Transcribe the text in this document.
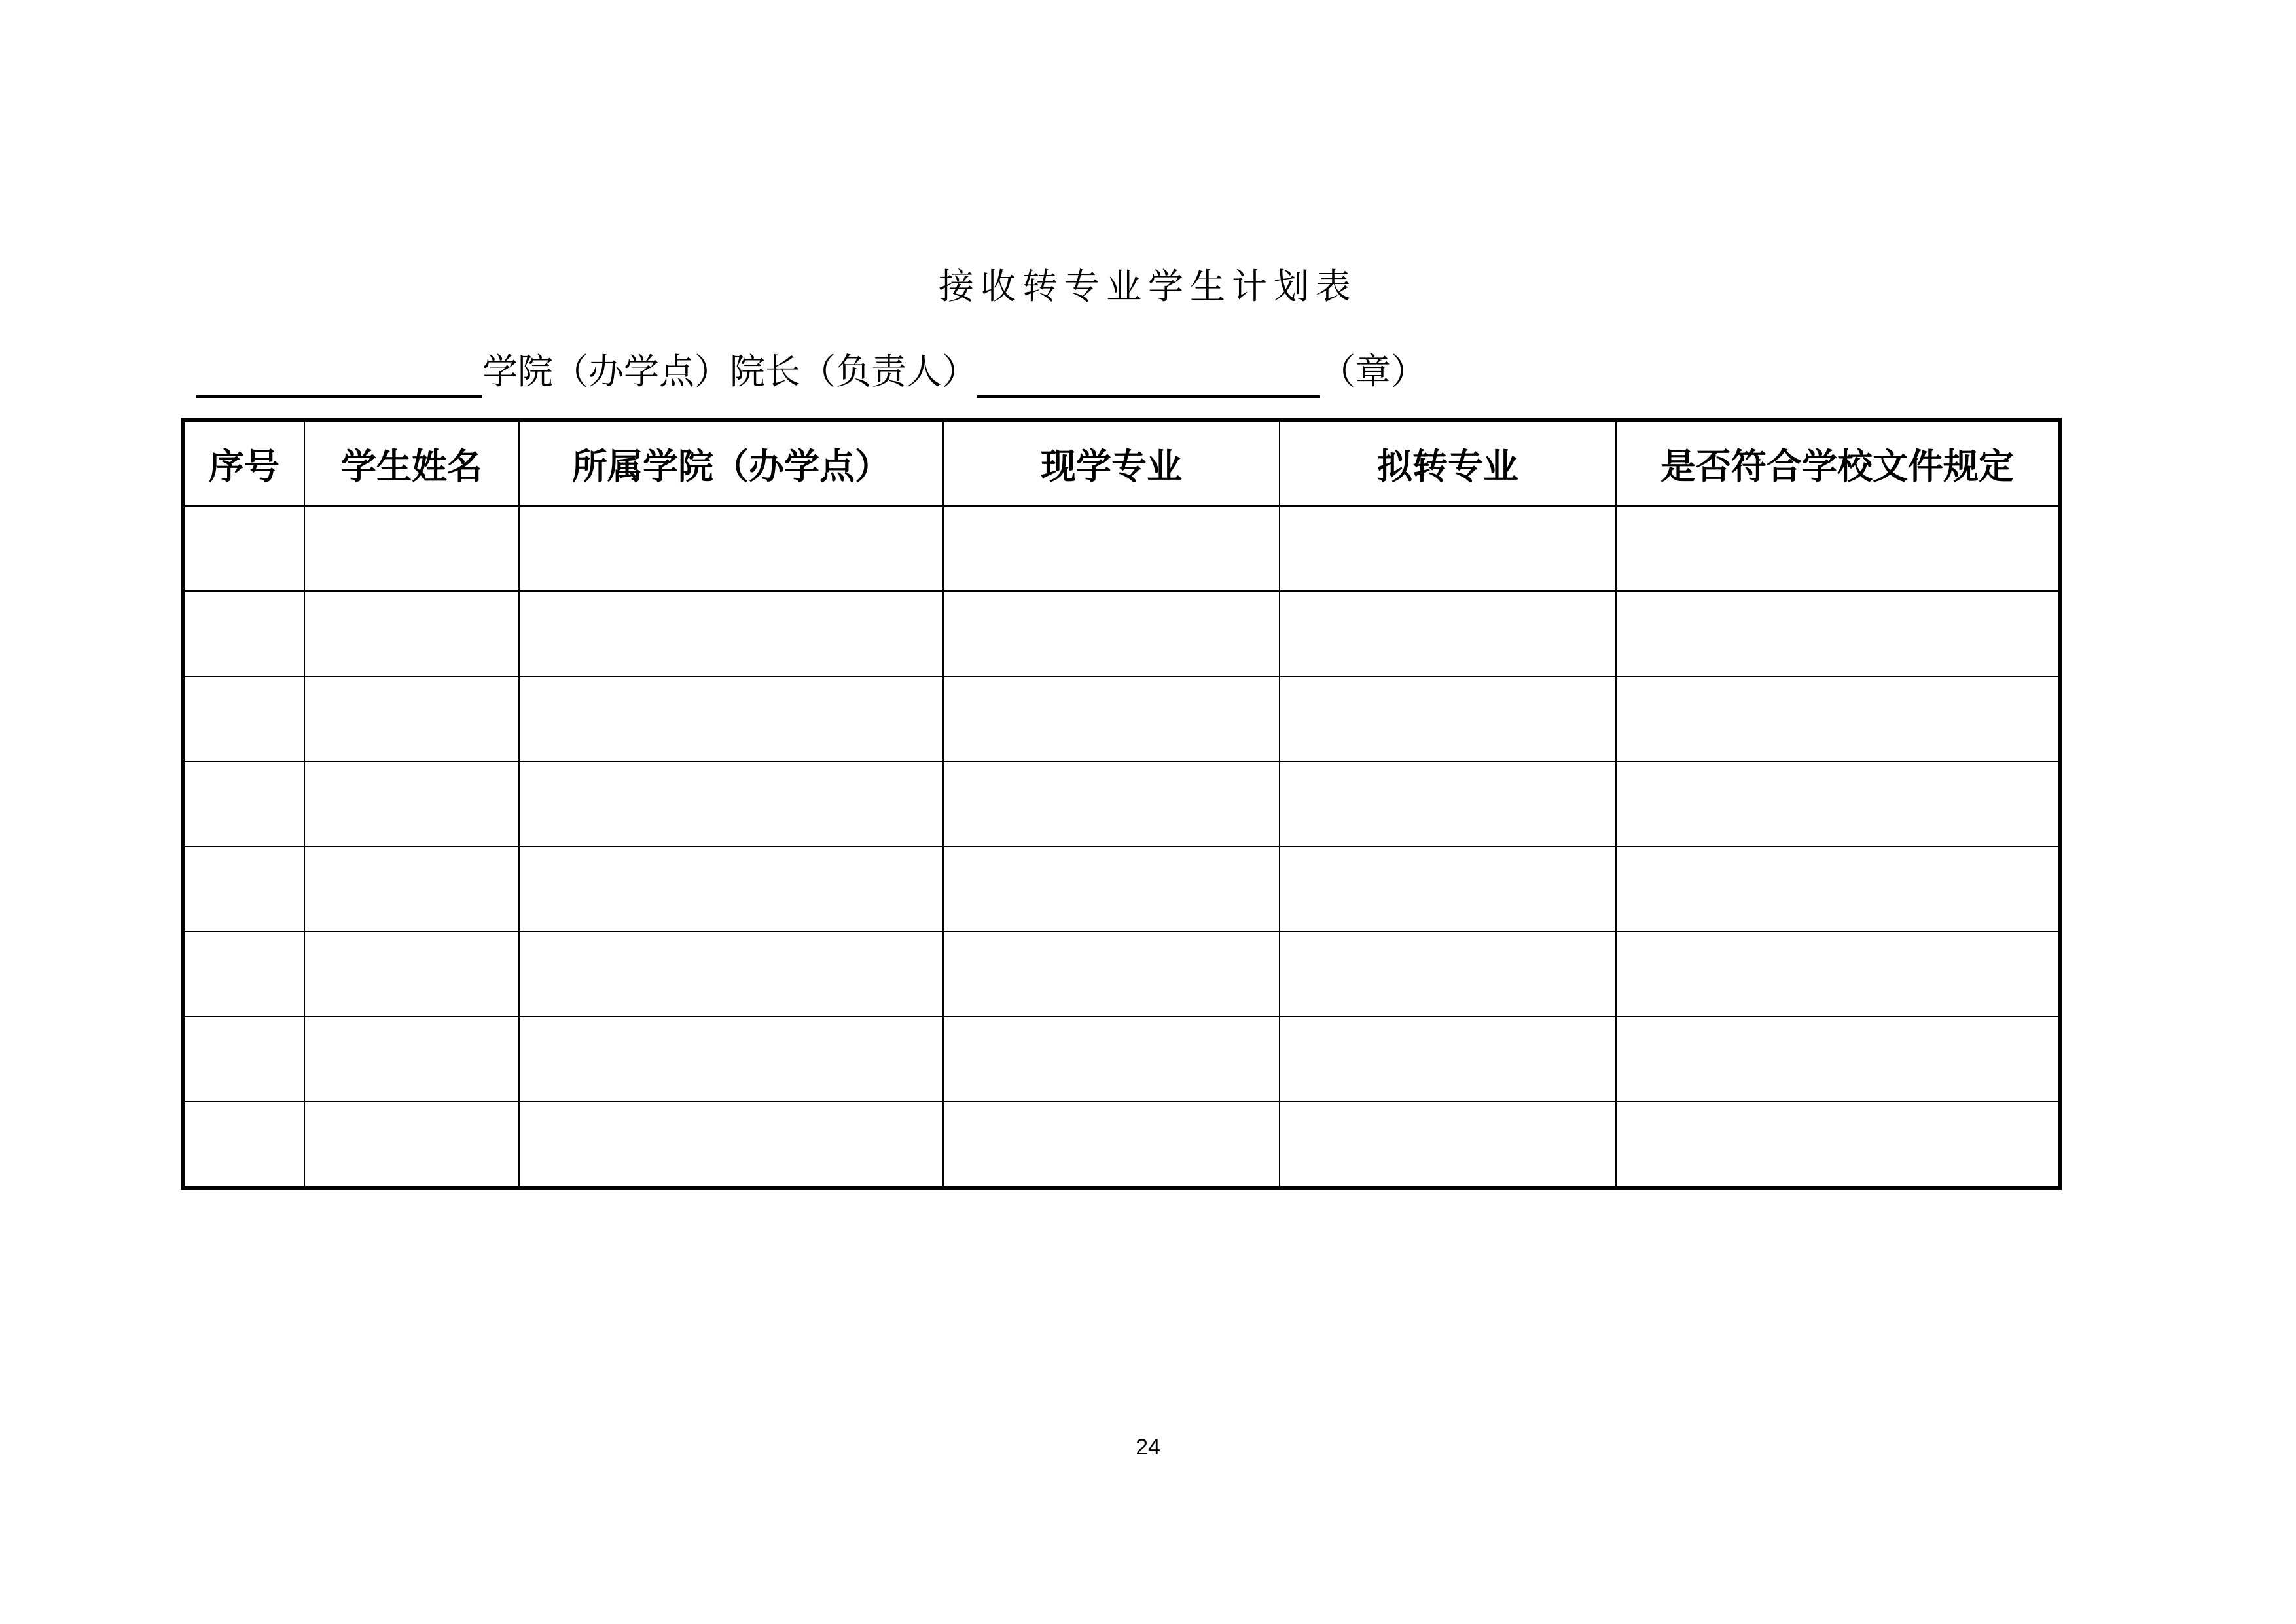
接收转专业学生计划表
学院（办学点）院长（负责人）	（章）
序号	学生姓名	所属学院（办学点）	现学专业	拟转专业	是否符合学校文件规定

24
